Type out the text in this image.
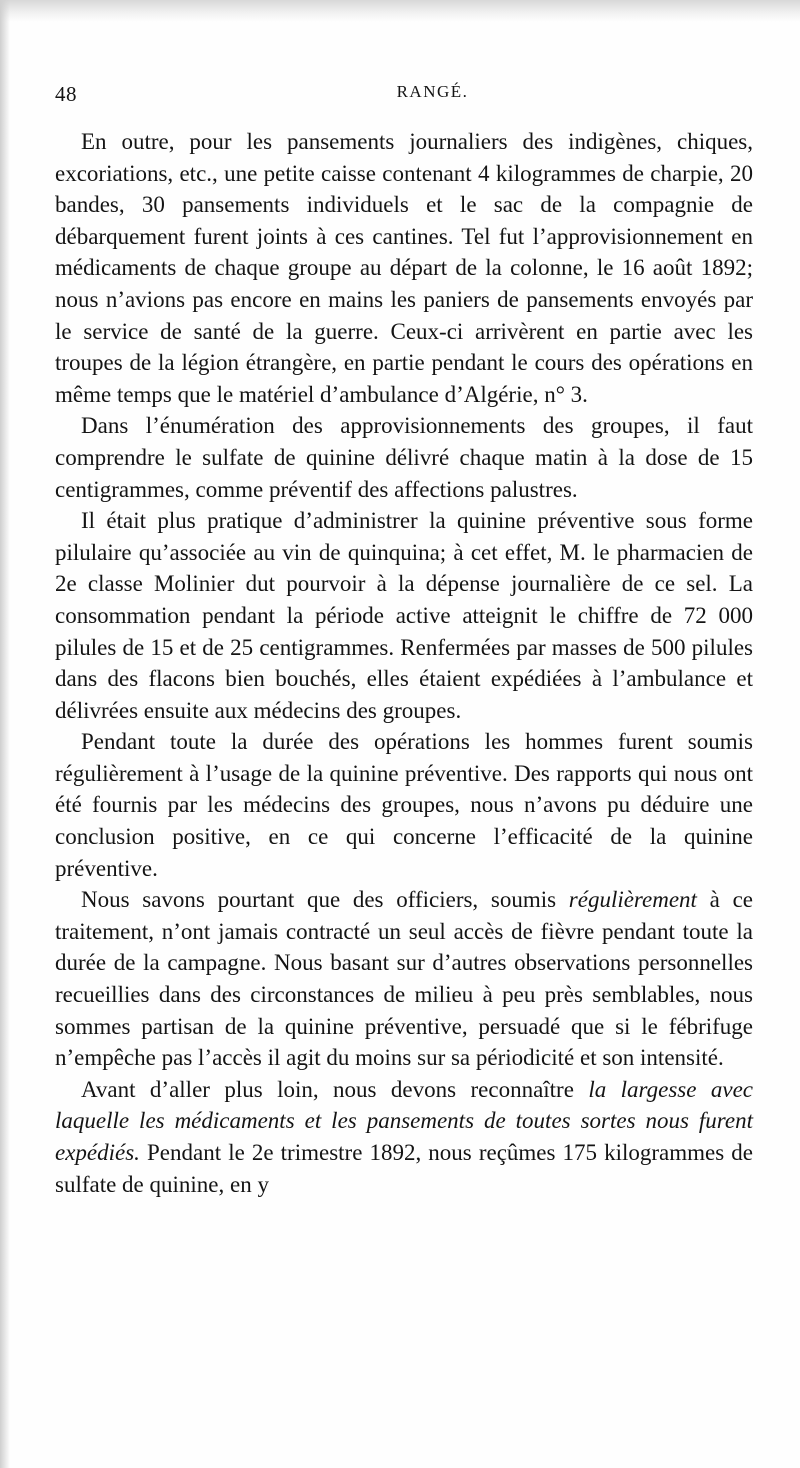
48	RANGÉ.

En outre, pour les pansements journaliers des indigènes, chiques, excoriations, etc., une petite caisse contenant 4 kilogrammes de charpie, 20 bandes, 30 pansements individuels et le sac de la compagnie de débarquement furent joints à ces cantines. Tel fut l’approvisionnement en médicaments de chaque groupe au départ de la colonne, le 16 août 1892; nous n’avions pas encore en mains les paniers de pansements envoyés par le service de santé de la guerre. Ceux-ci arrivèrent en partie avec les troupes de la légion étrangère, en partie pendant le cours des opérations en même temps que le matériel d’ambulance d’Algérie, n° 3.

Dans l’énumération des approvisionnements des groupes, il faut comprendre le sulfate de quinine délivré chaque matin à la dose de 15 centigrammes, comme préventif des affections palustres.

Il était plus pratique d’administrer la quinine préventive sous forme pilulaire qu’associée au vin de quinquina; à cet effet, M. le pharmacien de 2e classe Molinier dut pourvoir à la dépense journalière de ce sel. La consommation pendant la période active atteignit le chiffre de 72 000 pilules de 15 et de 25 centigrammes. Renfermées par masses de 500 pilules dans des flacons bien bouchés, elles étaient expédiées à l’ambulance et délivrées ensuite aux médecins des groupes.

Pendant toute la durée des opérations les hommes furent soumis régulièrement à l’usage de la quinine préventive. Des rapports qui nous ont été fournis par les médecins des groupes, nous n’avons pu déduire une conclusion positive, en ce qui concerne l’efficacité de la quinine préventive.

Nous savons pourtant que des officiers, soumis régulièrement à ce traitement, n’ont jamais contracté un seul accès de fièvre pendant toute la durée de la campagne. Nous basant sur d’autres observations personnelles recueillies dans des circonstances de milieu à peu près semblables, nous sommes partisan de la quinine préventive, persuadé que si le fébrifuge n’empêche pas l’accès il agit du moins sur sa périodicité et son intensité.

Avant d’aller plus loin, nous devons reconnaître la largesse avec laquelle les médicaments et les pansements de toutes sortes nous furent expédiés. Pendant le 2e trimestre 1892, nous reçûmes 175 kilogrammes de sulfate de quinine, en y
